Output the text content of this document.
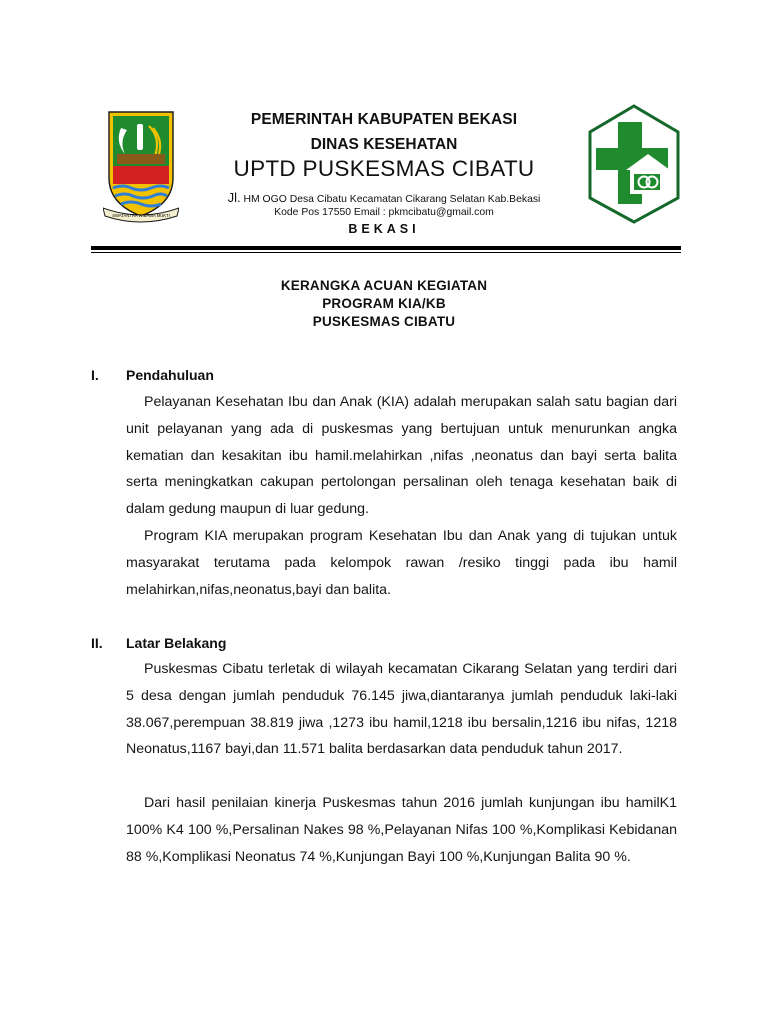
SWATANTRA WIBAWA MUKTI
PEMERINTAH KABUPATEN BEKASI
DINAS KESEHATAN
UPTD PUSKESMAS CIBATU
Jl. HM OGO Desa Cibatu Kecamatan Cikarang Selatan Kab.Bekasi
Kode Pos 17550 Email : pkmcibatu@gmail.com
BEKASI
KERANGKA ACUAN KEGIATAN
PROGRAM KIA/KB
PUSKESMAS CIBATU
I. Pendahuluan

Pelayanan Kesehatan Ibu dan Anak (KIA) adalah merupakan salah satu bagian dari unit pelayanan yang ada di puskesmas yang bertujuan untuk menurunkan angka kematian dan kesakitan ibu hamil.melahirkan ,nifas ,neonatus dan bayi serta balita serta meningkatkan cakupan pertolongan persalinan oleh tenaga kesehatan baik di dalam gedung maupun di luar gedung.

Program KIA merupakan program Kesehatan Ibu dan Anak yang di tujukan untuk masyarakat terutama pada kelompok rawan /resiko tinggi pada ibu hamil melahirkan,nifas,neonatus,bayi dan balita.

II. Latar Belakang

Puskesmas Cibatu terletak di wilayah kecamatan Cikarang Selatan yang terdiri dari 5 desa dengan jumlah penduduk 76.145 jiwa,diantaranya jumlah penduduk laki-laki 38.067,perempuan 38.819 jiwa ,1273 ibu hamil,1218 ibu bersalin,1216 ibu nifas, 1218 Neonatus,1167 bayi,dan 11.571 balita berdasarkan data penduduk tahun 2017.

Dari hasil penilaian kinerja Puskesmas tahun 2016 jumlah kunjungan ibu hamilK1 100% K4 100 %,Persalinan Nakes 98 %,Pelayanan Nifas 100 %,Komplikasi Kebidanan 88 %,Komplikasi Neonatus 74 %,Kunjungan Bayi 100 %,Kunjungan Balita 90 %.
